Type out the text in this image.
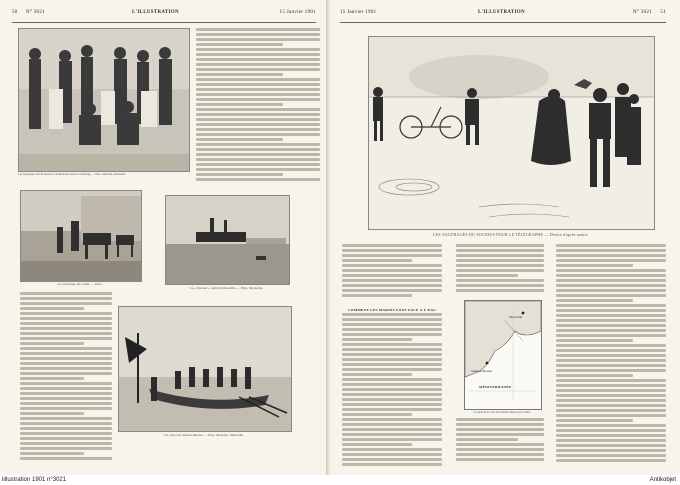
50 N° 3021	L'ILLUSTRATION	15 Janvier 1901
Les équipages de l'Eclaireur et du Brandon après le naufrage — Phot. Mériaux, Marseille.
Le sauvetage de Cassis — Phot.
Le « Ruissel » quittant Marseille — Phot. Marseille.
Un canot de Saintes-Maries — Phot. Mériaux, Marseille.
15 Janvier 1901	L'ILLUSTRATION	N° 3021 51
LES NAUFRAGÉS DU SOUNIUS POUR LE TÉLÉGRAPHE — Dessin d'après nature
COMMENT LES MARINS FONT FACE À L'EAU
Marseille
Saintes-Maries
MÉDITERRANÉE
Croquis de la côte de Saintes-Maries-de-la-Mer
lillustration 1901 n°3021	Antikobjet
